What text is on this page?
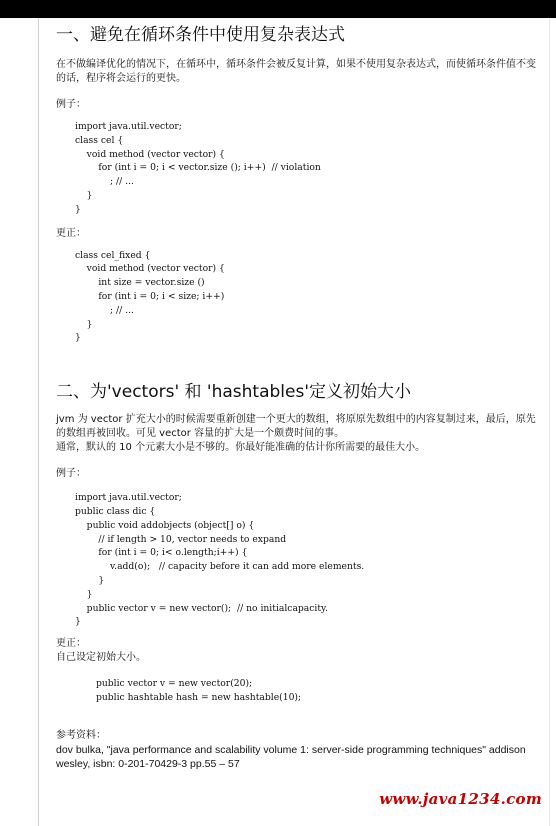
一、避免在循环条件中使用复杂表达式

在不做编译优化的情况下，在循环中，循环条件会被反复计算，如果不使用复杂表达式，而使循环条件值不变的话，程序将会运行的更快。

例子：

import java.util.vector;
class cel {
void method (vector vector) {
for (int i = 0; i < vector.size (); i++)  // violation
; // ...
}
}

更正：

class cel_fixed {
void method (vector vector) {
int size = vector.size ()
for (int i = 0; i < size; i++)
; // ...
}
}
二、为'vectors' 和 'hashtables'定义初始大小

jvm 为 vector 扩充大小的时候需要重新创建一个更大的数组，将原原先数组中的内容复制过来，最后，原先的数组再被回收。可见 vector 容量的扩大是一个颇费时间的事。

通常，默认的 10 个元素大小是不够的。你最好能准确的估计你所需要的最佳大小。

例子：

import java.util.vector;
public class dic {
public void addobjects (object[] o) {
// if length > 10, vector needs to expand
for (int i = 0; i< o.length;i++) {
v.add(o);   // capacity before it can add more elements.
}
}
public vector v = new vector();  // no initialcapacity.
}

更正：

自己设定初始大小。

public vector v = new vector(20);
public hashtable hash = new hashtable(10);

参考资料：

dov bulka, "java performance and scalability volume 1: server-side programming techniques" addison wesley, isbn: 0-201-70429-3 pp.55 – 57

www.java1234.com
